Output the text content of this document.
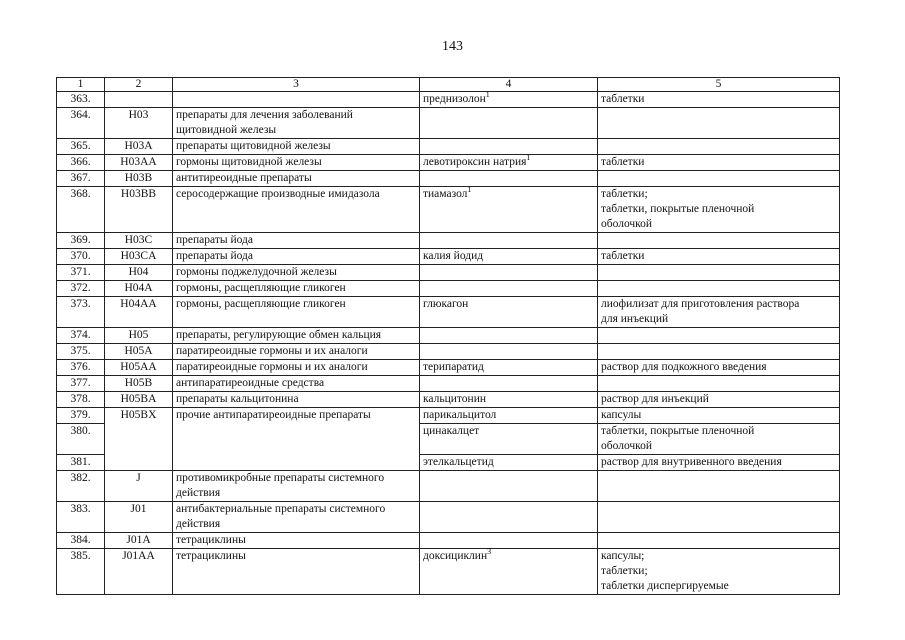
143
1	2	3	4	5
363.			преднизолон$^1$	таблетки
364.	H03	препараты для лечения заболеваний щитовидной железы		
365.	H03A	препараты щитовидной железы		
366.	H03AA	гормоны щитовидной железы	левотироксин натрия$^1$	таблетки
367.	H03B	антитиреоидные препараты		
368.	H03BB	серосодержащие производные имидазола	тиамазол$^1$	таблетки;
таблетки, покрытые пленочной
оболочкой
369.	H03C	препараты йода		
370.	H03CA	препараты йода	калия йодид	таблетки
371.	H04	гормоны поджелудочной железы		
372.	H04A	гормоны, расщепляющие гликоген		
373.	H04AA	гормоны, расщепляющие гликоген	глюкагон	лиофилизат для приготовления раствора
для инъекций
374.	H05	препараты, регулирующие обмен кальция		
375.	H05A	паратиреоидные гормоны и их аналоги		
376.	H05AA	паратиреоидные гормоны и их аналоги	терипаратид	раствор для подкожного введения
377.	H05B	антипаратиреоидные средства		
378.	H05BA	препараты кальцитонина	кальцитонин	раствор для инъекций
379.	H05BX	прочие антипаратиреоидные препараты	парикальцитол	капсулы
380.			цинакалцет	таблетки, покрытые пленочной
оболочкой
381.			этелкальцетид	раствор для внутривенного введения
382.	J	противомикробные препараты системного
действия		
383.	J01	антибактериальные препараты системного
действия		
384.	J01A	тетрациклины		
385.	J01AA	тетрациклины	доксициклин$^3$	капсулы;
таблетки;
таблетки диспергируемые
